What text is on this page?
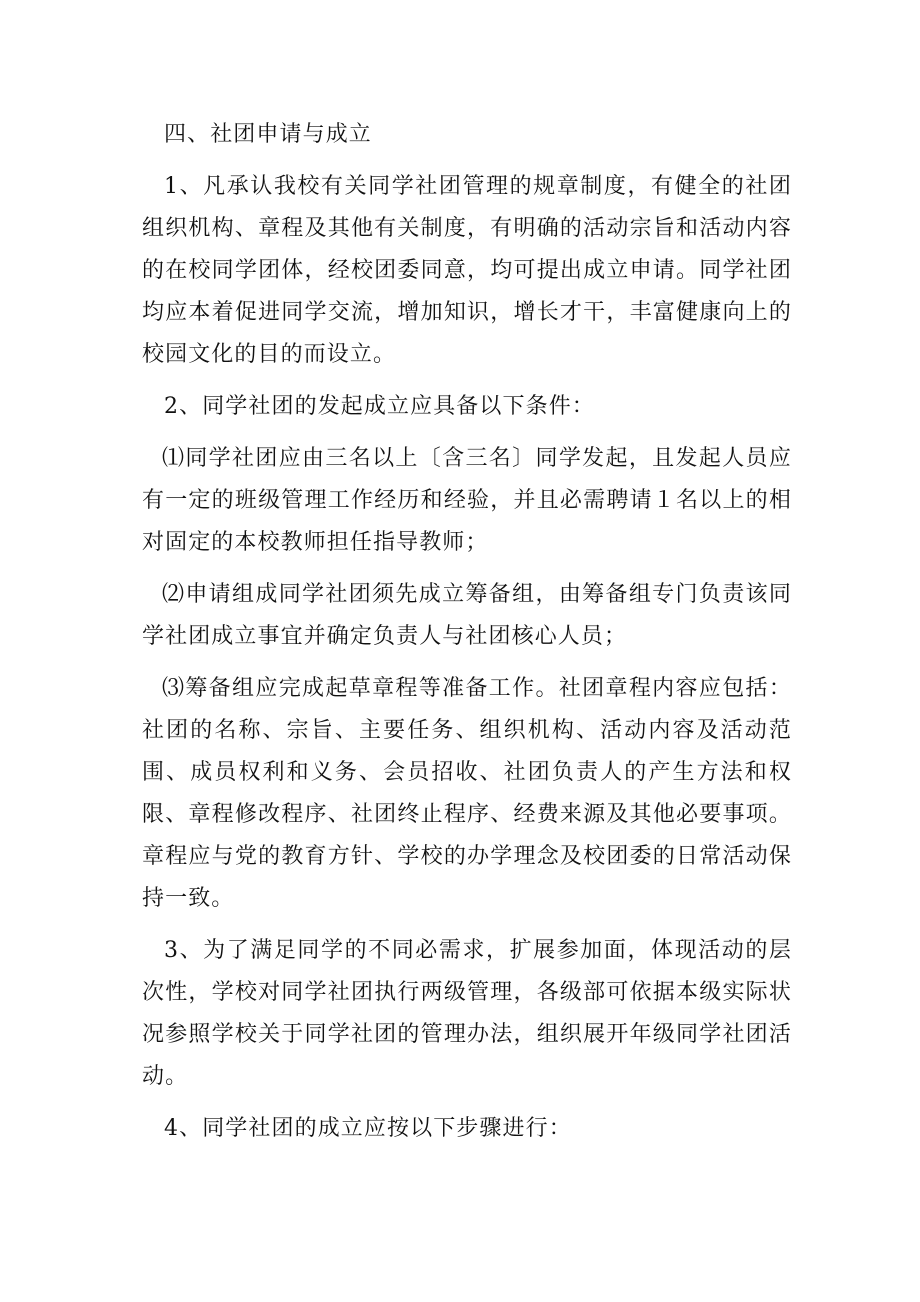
四、社团申请与成立

1、凡承认我校有关同学社团管理的规章制度，有健全的社团组织机构、章程及其他有关制度，有明确的活动宗旨和活动内容的在校同学团体，经校团委同意，均可提出成立申请。同学社团均应本着促进同学交流，增加知识，增长才干，丰富健康向上的校园文化的目的而设立。

2、同学社团的发起成立应具备以下条件：

⑴同学社团应由三名以上〔含三名〕同学发起，且发起人员应有一定的班级管理工作经历和经验，并且必需聘请１名以上的相对固定的本校教师担任指导教师；

⑵申请组成同学社团须先成立筹备组，由筹备组专门负责该同学社团成立事宜并确定负责人与社团核心人员；

⑶筹备组应完成起草章程等准备工作。社团章程内容应包括：社团的名称、宗旨、主要任务、组织机构、活动内容及活动范围、成员权利和义务、会员招收、社团负责人的产生方法和权限、章程修改程序、社团终止程序、经费来源及其他必要事项。章程应与党的教育方针、学校的办学理念及校团委的日常活动保持一致。

3、为了满足同学的不同必需求，扩展参加面，体现活动的层次性，学校对同学社团执行两级管理，各级部可依据本级实际状况参照学校关于同学社团的管理办法，组织展开年级同学社团活动。

4、同学社团的成立应按以下步骤进行：
